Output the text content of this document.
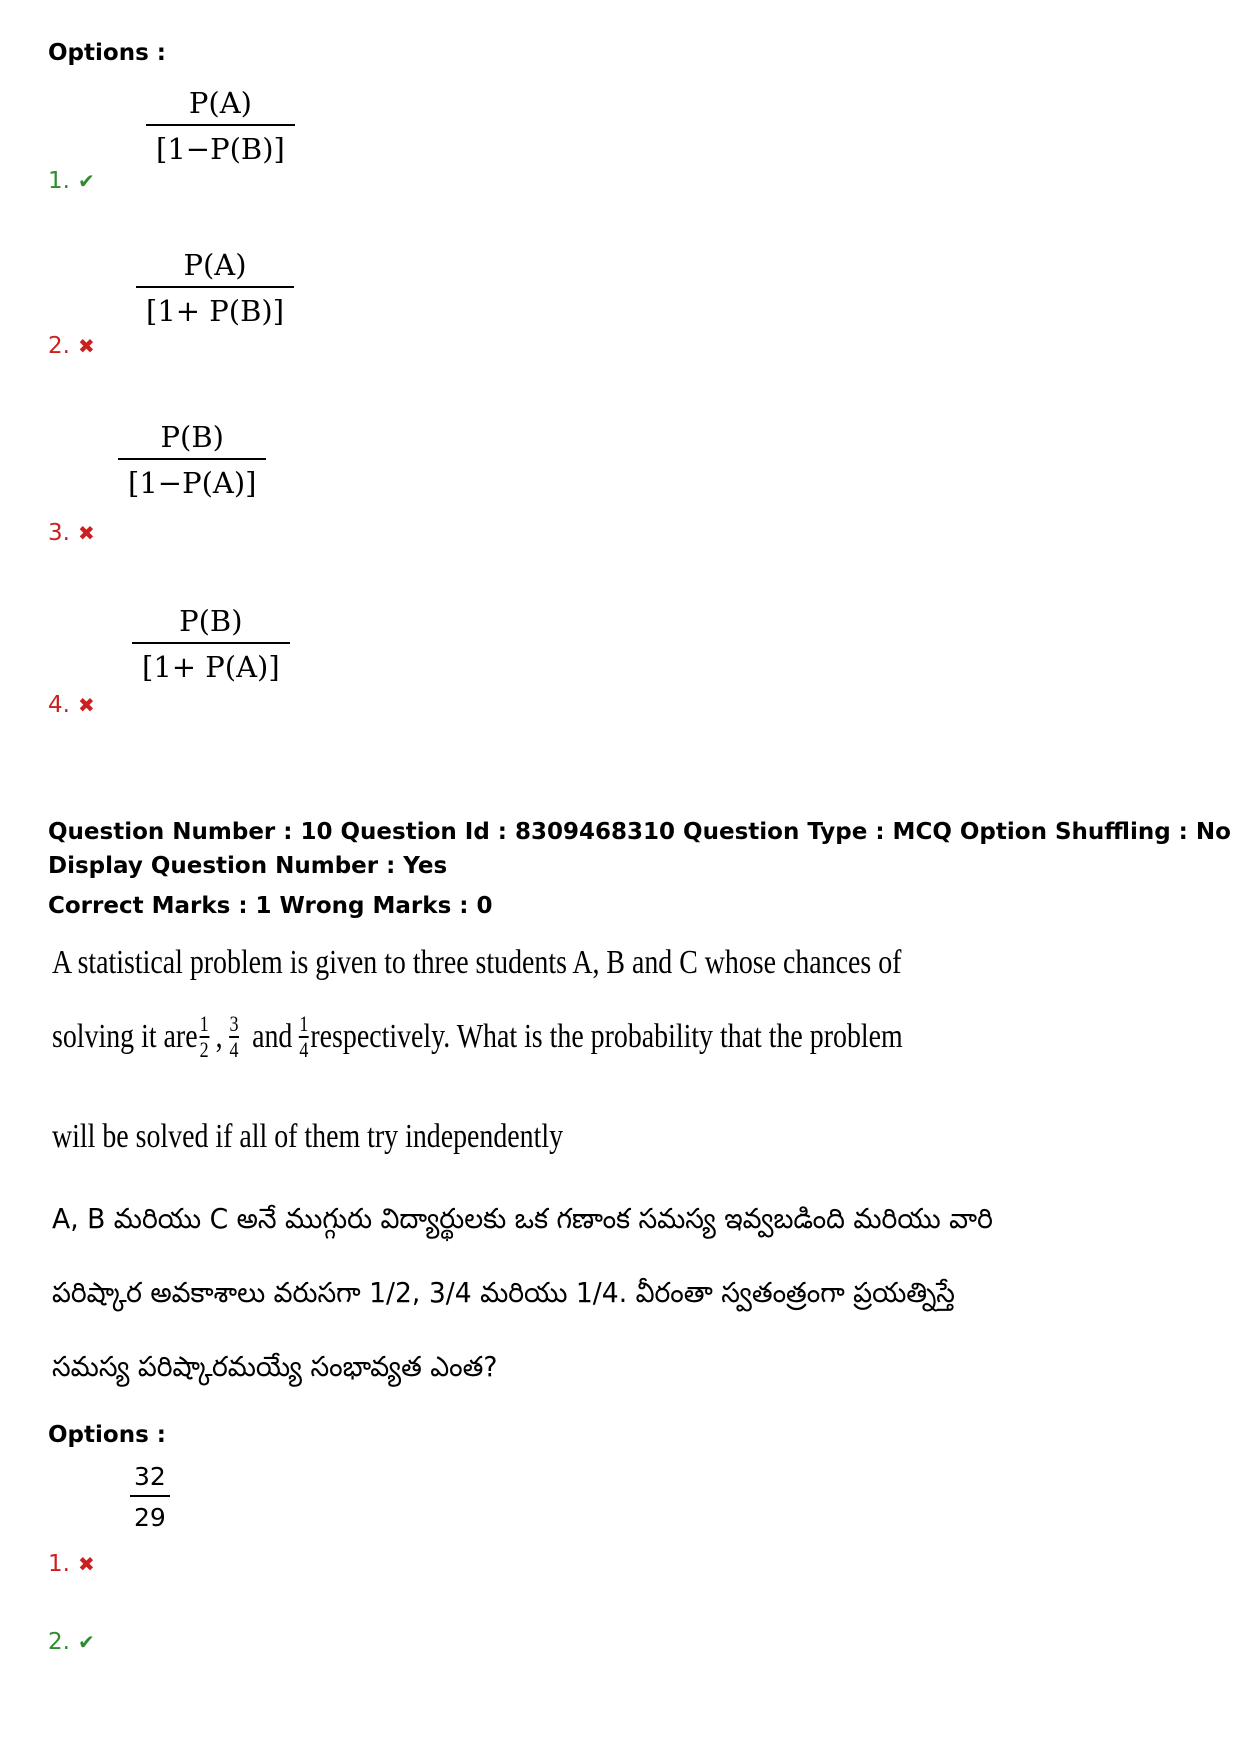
Options :
P(A)
[1−P(B)]
1. ✔
P(A)
[1+ P(B)]
2. ✖
P(B)
[1−P(A)]
3. ✖
P(B)
[1+ P(A)]
4. ✖
Question Number : 10 Question Id : 8309468310 Question Type : MCQ Option Shuffling : No
Display Question Number : Yes
Correct Marks : 1 Wrong Marks : 0
A statistical problem is given to three students A, B and C whose chances of
solving it are 1
2 , 3
4 and 1
4 respectively. What is the probability that the problem
will be solved if all of them try independently
A, B మరియు C అనే ముగ్గురు విద్యార్థులకు ఒక గణాంక సమస్య ఇవ్వబడింది మరియు వారి
పరిష్కార అవకాశాలు వరుసగా 1/2, 3/4 మరియు 1/4. వీరంతా స్వతంత్రంగా ప్రయత్నిస్తే
సమస్య పరిష్కారమయ్యే సంభావ్యత ఎంత?
Options :
32
29
1. ✖
2. ✔
